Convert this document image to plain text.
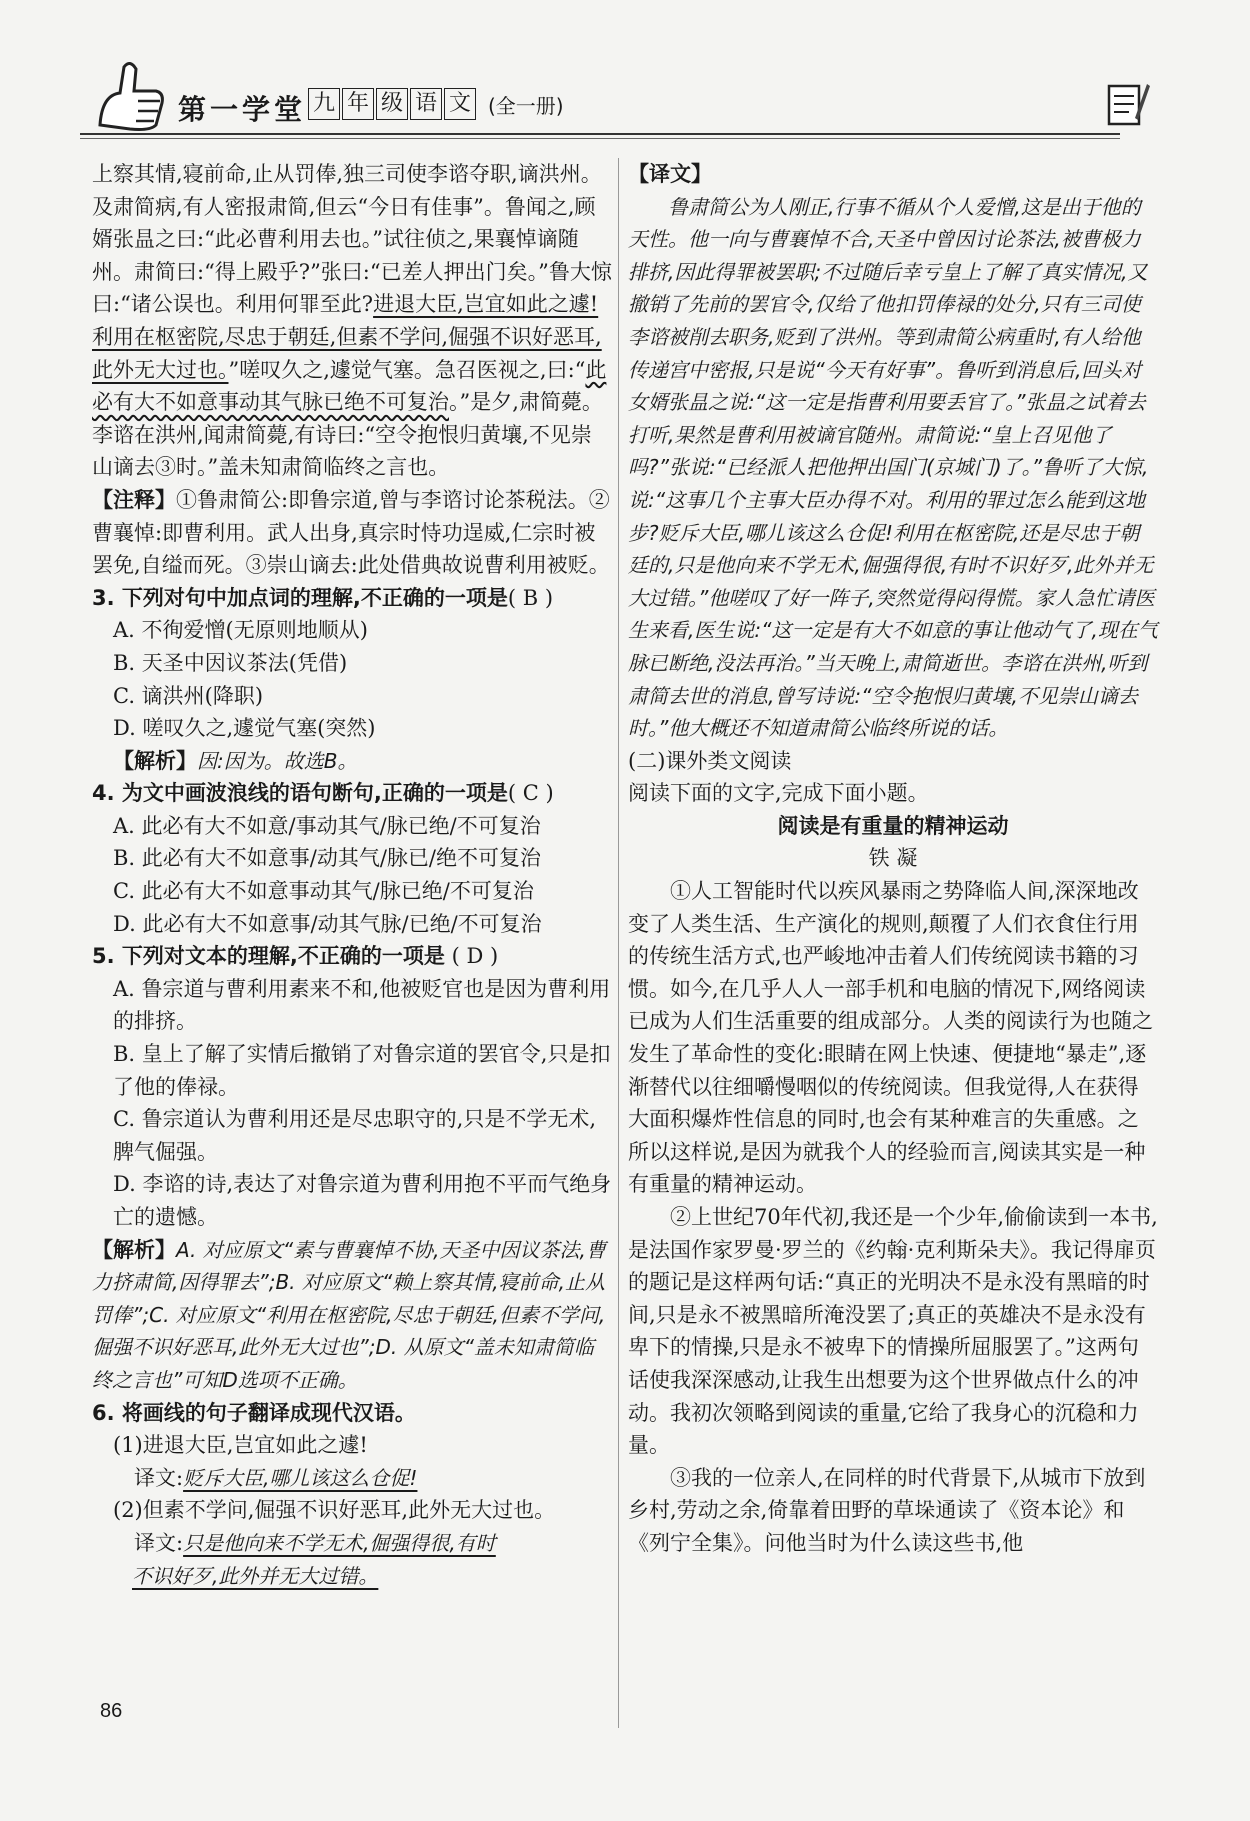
第一学堂 九 年 级 语 文 (全一册)

上察其情,寝前命,止从罚俸,独三司使李谘夺职,谪洪州。及肃简病,有人密报肃简,但云“今日有佳事”。鲁闻之,顾婿张昷之曰:“此必曹利用去也。”试往侦之,果襄悼谪随州。肃简曰:“得上殿乎?”张曰:“已差人押出门矣。”鲁大惊曰:“诸公误也。利用何罪至此?进退大臣,岂宜如此之遽!利用在枢密院,尽忠于朝廷,但素不学问,倔强不识好恶耳,此外无大过也。”嗟叹久之,遽觉气塞。急召医视之,曰:“此必有大不如意事动其气脉已绝不可复治。”是夕,肃简薨。李谘在洪州,闻肃简薨,有诗曰:“空令抱恨归黄壤,不见崇山谪去③时。”盖未知肃简临终之言也。

【注释】①鲁肃简公:即鲁宗道,曾与李谘讨论茶税法。②曹襄悼:即曹利用。武人出身,真宗时恃功逞威,仁宗时被罢免,自缢而死。③崇山谪去:此处借典故说曹利用被贬。

3. 下列对句中加点词的理解,不正确的一项是( B )

A. 不徇爱憎(无原则地顺从)

B. 天圣中因议茶法(凭借)

C. 谪洪州(降职)

D. 嗟叹久之,遽觉气塞(突然)

【解析】因:因为。故选B。

4. 为文中画波浪线的语句断句,正确的一项是( C )

A. 此必有大不如意/事动其气/脉已绝/不可复治

B. 此必有大不如意事/动其气/脉已/绝不可复治

C. 此必有大不如意事动其气/脉已绝/不可复治

D. 此必有大不如意事/动其气脉/已绝/不可复治

5. 下列对文本的理解,不正确的一项是 ( D )

A. 鲁宗道与曹利用素来不和,他被贬官也是因为曹利用的排挤。

B. 皇上了解了实情后撤销了对鲁宗道的罢官令,只是扣了他的俸禄。

C. 鲁宗道认为曹利用还是尽忠职守的,只是不学无术,脾气倔强。

D. 李谘的诗,表达了对鲁宗道为曹利用抱不平而气绝身亡的遗憾。

【解析】A. 对应原文“素与曹襄悼不协,天圣中因议茶法,曹力挤肃简,因得罪去”;B. 对应原文“赖上察其情,寝前命,止从罚俸”;C. 对应原文“利用在枢密院,尽忠于朝廷,但素不学问,倔强不识好恶耳,此外无大过也”;D. 从原文“盖未知肃简临终之言也”可知D选项不正确。

6. 将画线的句子翻译成现代汉语。

(1)进退大臣,岂宜如此之遽!

译文:贬斥大臣,哪儿该这么仓促!

(2)但素不学问,倔强不识好恶耳,此外无大过也。

译文:只是他向来不学无术,倔强得很,有时

不识好歹,此外并无大过错。

【译文】

鲁肃简公为人刚正,行事不循从个人爱憎,这是出于他的天性。他一向与曹襄悼不合,天圣中曾因讨论茶法,被曹极力排挤,因此得罪被罢职;不过随后幸亏皇上了解了真实情况,又撤销了先前的罢官令,仅给了他扣罚俸禄的处分,只有三司使李谘被削去职务,贬到了洪州。等到肃简公病重时,有人给他传递宫中密报,只是说“今天有好事”。鲁听到消息后,回头对女婿张昷之说:“这一定是指曹利用要丢官了。”张昷之试着去打听,果然是曹利用被谪官随州。肃简说:“皇上召见他了吗?”张说:“已经派人把他押出国门(京城门)了。”鲁听了大惊,说:“这事几个主事大臣办得不对。利用的罪过怎么能到这地步?贬斥大臣,哪儿该这么仓促!利用在枢密院,还是尽忠于朝廷的,只是他向来不学无术,倔强得很,有时不识好歹,此外并无大过错。”他嗟叹了好一阵子,突然觉得闷得慌。家人急忙请医生来看,医生说:“这一定是有大不如意的事让他动气了,现在气脉已断绝,没法再治。”当天晚上,肃简逝世。李谘在洪州,听到肃简去世的消息,曾写诗说:“空令抱恨归黄壤,不见崇山谪去时。”他大概还不知道肃简公临终所说的话。

(二)课外类文阅读

阅读下面的文字,完成下面小题。

阅读是有重量的精神运动

铁 凝

①人工智能时代以疾风暴雨之势降临人间,深深地改变了人类生活、生产演化的规则,颠覆了人们衣食住行用的传统生活方式,也严峻地冲击着人们传统阅读书籍的习惯。如今,在几乎人人一部手机和电脑的情况下,网络阅读已成为人们生活重要的组成部分。人类的阅读行为也随之发生了革命性的变化:眼睛在网上快速、便捷地“暴走”,逐渐替代以往细嚼慢咽似的传统阅读。但我觉得,人在获得大面积爆炸性信息的同时,也会有某种难言的失重感。之所以这样说,是因为就我个人的经验而言,阅读其实是一种有重量的精神运动。

②上世纪70年代初,我还是一个少年,偷偷读到一本书,是法国作家罗曼·罗兰的《约翰·克利斯朵夫》。我记得扉页的题记是这样两句话:“真正的光明决不是永没有黑暗的时间,只是永不被黑暗所淹没罢了;真正的英雄决不是永没有卑下的情操,只是永不被卑下的情操所屈服罢了。”这两句话使我深深感动,让我生出想要为这个世界做点什么的冲动。我初次领略到阅读的重量,它给了我身心的沉稳和力量。

③我的一位亲人,在同样的时代背景下,从城市下放到乡村,劳动之余,倚靠着田野的草垛通读了《资本论》和《列宁全集》。问他当时为什么读这些书,他

86
